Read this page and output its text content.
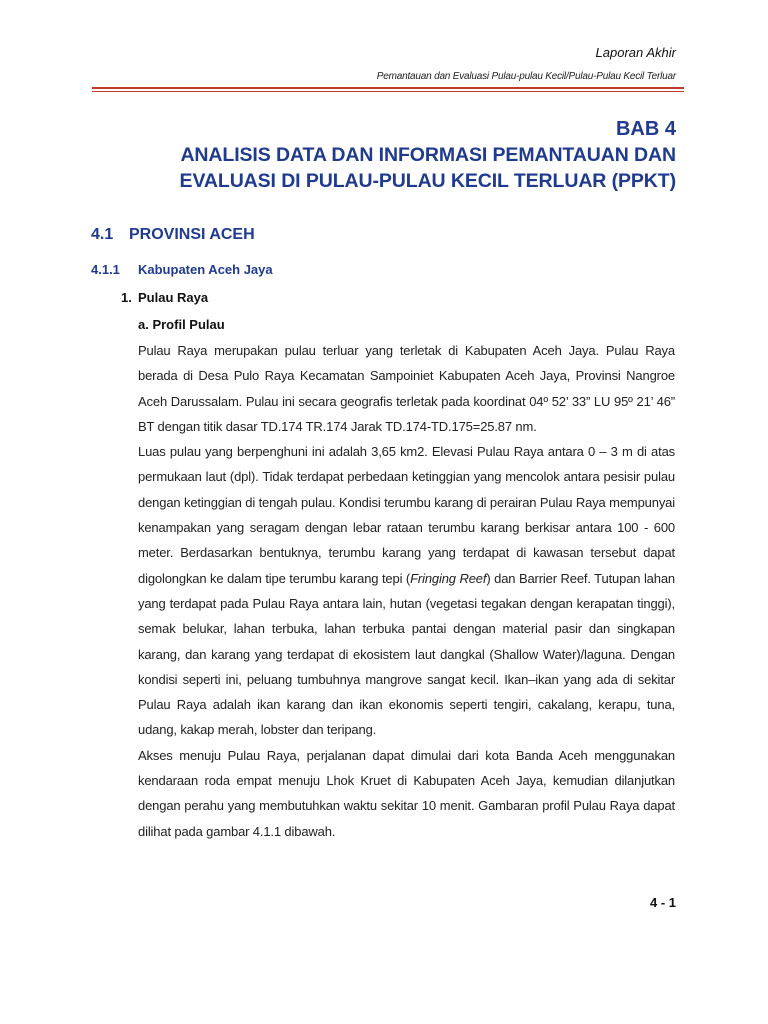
Laporan Akhir
Pemantauan dan Evaluasi Pulau-pulau Kecil/Pulau-Pulau Kecil Terluar
BAB 4
ANALISIS DATA DAN INFORMASI PEMANTAUAN DAN
EVALUASI DI PULAU-PULAU KECIL TERLUAR (PPKT)
4.1 PROVINSI ACEH
4.1.1 Kabupaten Aceh Jaya
1. Pulau Raya
a. Profil Pulau

Pulau Raya merupakan pulau terluar yang terletak di Kabupaten Aceh Jaya. Pulau Raya berada di Desa Pulo Raya Kecamatan Sampoiniet Kabupaten Aceh Jaya, Provinsi Nangroe Aceh Darussalam. Pulau ini secara geografis terletak pada koordinat 04º 52’ 33” LU 95º 21’ 46” BT dengan titik dasar TD.174 TR.174 Jarak TD.174-TD.175=25.87 nm.

Luas pulau yang berpenghuni ini adalah 3,65 km2. Elevasi Pulau Raya antara 0 – 3 m di atas permukaan laut (dpl). Tidak terdapat perbedaan ketinggian yang mencolok antara pesisir pulau dengan ketinggian di tengah pulau. Kondisi terumbu karang di perairan Pulau Raya mempunyai kenampakan yang seragam dengan lebar rataan terumbu karang berkisar antara 100 - 600 meter. Berdasarkan bentuknya, terumbu karang yang terdapat di kawasan tersebut dapat digolongkan ke dalam tipe terumbu karang tepi (Fringing Reef) dan Barrier Reef. Tutupan lahan yang terdapat pada Pulau Raya antara lain, hutan (vegetasi tegakan dengan kerapatan tinggi), semak belukar, lahan terbuka, lahan terbuka pantai dengan material pasir dan singkapan karang, dan karang yang terdapat di ekosistem laut dangkal (Shallow Water)/laguna. Dengan kondisi seperti ini, peluang tumbuhnya mangrove sangat kecil. Ikan–ikan yang ada di sekitar Pulau Raya adalah ikan karang dan ikan ekonomis seperti tengiri, cakalang, kerapu, tuna, udang, kakap merah, lobster dan teripang.

Akses menuju Pulau Raya, perjalanan dapat dimulai dari kota Banda Aceh menggunakan kendaraan roda empat menuju Lhok Kruet di Kabupaten Aceh Jaya, kemudian dilanjutkan dengan perahu yang membutuhkan waktu sekitar 10 menit. Gambaran profil Pulau Raya dapat dilihat pada gambar 4.1.1 dibawah.

4 - 1
